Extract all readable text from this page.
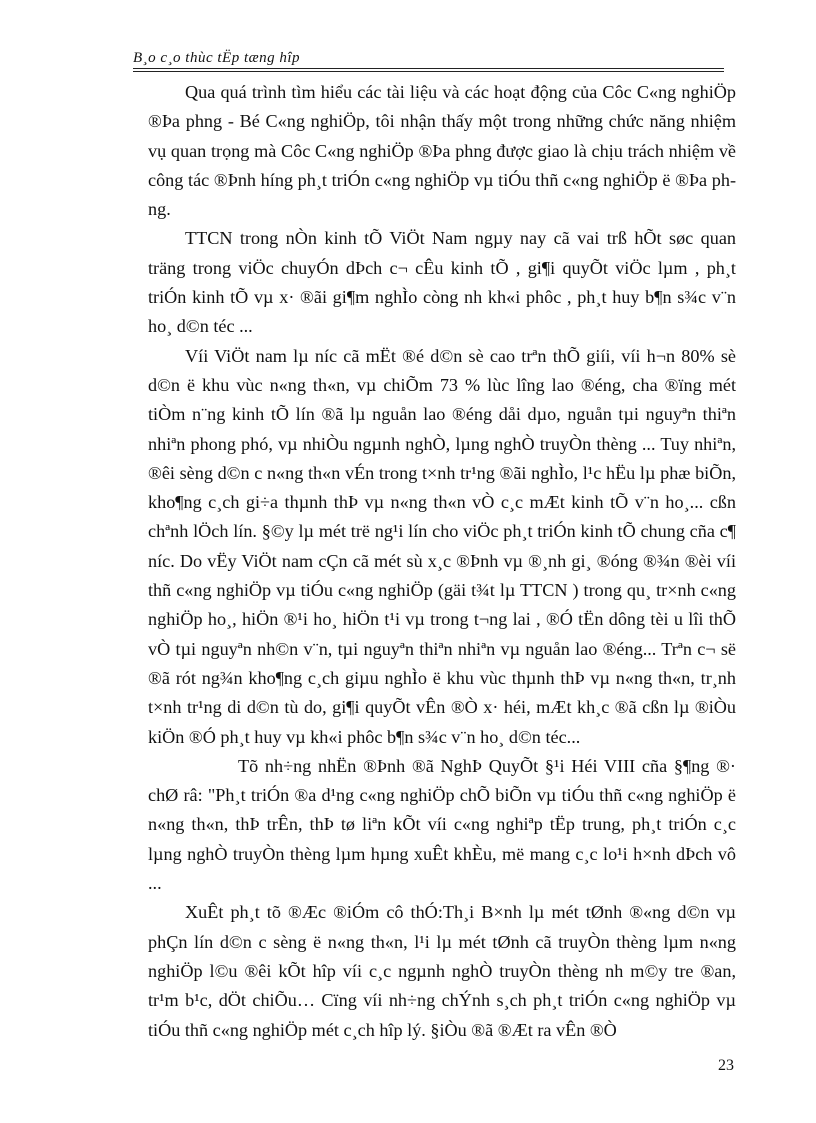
B¸o c¸o thùc tËp tæng hîp

Qua quá trình tìm hiểu các tài liệu và các hoạt động của Côc C«ng nghiÖp ®Þa phng - Bé C«ng nghiÖp, tôi nhận thấy một trong những chức năng nhiệm vụ quan trọng mà Côc C«ng nghiÖp ®Þa phng được giao là chịu trách nhiệm về công tác ®Þnh híng ph¸t triÓn c«ng nghiÖp vµ tiÓu thñ c«ng nghiÖp ë ®Þa phng.

TTCN trong nÒn kinh tÕ ViÖt Nam ngµy nay cã vai trß hÕt søc quan träng trong viÖc chuyÓn dÞch c¬ cÊu kinh tÕ , gi¶i quyÕt viÖc lµm , ph¸t triÓn kinh tÕ vµ x· ®ãi gi¶m nghÌo còng nh kh«i phôc , ph¸t huy b¶n s¾c v¨n ho¸ d©n téc ...

Víi ViÖt nam lµ níc cã mËt ®é d©n sè cao trªn thÕ giíi, víi h¬n 80% sè d©n ë khu vùc n«ng th«n, vµ chiÕm 73 % lùc lîng lao ®éng, cha ®ïng mét tiÒm n¨ng kinh tÕ lín ®ã lµ nguån lao ®éng dåi dµo, nguån tµi nguyªn thiªn nhiªn phong phó, vµ nhiÒu ngµnh nghÒ, lµng nghÒ truyÒn thèng ... Tuy nhiªn, ®êi sèng d©n c n«ng th«n vÉn trong t×nh tr¹ng ®ãi nghÌo, l¹c hËu lµ phæ biÕn, kho¶ng c¸ch gi÷a thµnh thÞ vµ n«ng th«n vÒ c¸c mÆt kinh tÕ v¨n ho¸... cßn chªnh lÖch lín. §©y lµ mét trë ng¹i lín cho viÖc ph¸t triÓn kinh tÕ chung cña c¶ níc. Do vËy ViÖt nam cÇn cã mét sù x¸c ®Þnh vµ ®¸nh gi¸ ®óng ®¾n ®èi víi thñ c«ng nghiÖp vµ tiÓu c«ng nghiÖp (gäi t¾t lµ TTCN ) trong qu¸ tr×nh c«ng nghiÖp ho¸, hiÖn ®¹i ho¸ hiÖn t¹i vµ trong t¬ng lai , ®Ó tËn dông tèi u lîi thÕ vÒ tµi nguyªn nh©n v¨n, tµi nguyªn thiªn nhiªn vµ nguån lao ®éng... Trªn c¬ së ®ã rót ng¾n kho¶ng c¸ch giµu nghÌo ë khu vùc thµnh thÞ vµ n«ng th«n, tr¸nh t×nh tr¹ng di d©n tù do, gi¶i quyÕt vÊn ®Ò x· héi, mÆt kh¸c ®ã cßn lµ ®iÒu kiÖn ®Ó ph¸t huy vµ kh«i phôc b¶n s¾c v¨n ho¸ d©n téc...

Tõ nh÷ng nhËn ®Þnh ®ã NghÞ QuyÕt §¹i Héi VIII cña §¶ng ®· chØ râ: "Ph¸t triÓn ®a d¹ng c«ng nghiÖp chÕ biÕn vµ tiÓu thñ c«ng nghiÖp ë n«ng th«n, thÞ trÊn, thÞ tø liªn kÕt víi c«ng nghiªp tËp trung, ph¸t triÓn c¸c lµng nghÒ truyÒn thèng lµm hµng xuÊt khÈu, më mang c¸c lo¹i h×nh dÞch vô ...

XuÊt ph¸t tõ ®Æc ®iÓm cô thÓ:Th¸i B×nh lµ mét tØnh ®«ng d©n vµ phÇn lín d©n c sèng ë n«ng th«n, l¹i lµ mét tØnh cã truyÒn thèng lµm n«ng nghiÖp l©u ®êi kÕt hîp víi c¸c ngµnh nghÒ truyÒn thèng nh m©y tre ®an, tr¹m b¹c, dÖt chiÕu… Cïng víi nh÷ng chÝnh s¸ch ph¸t triÓn c«ng nghiÖp vµ tiÓu thñ c«ng nghiÖp mét c¸ch hîp lý. §iÒu ®ã ®Æt ra vÊn ®Ò

23
